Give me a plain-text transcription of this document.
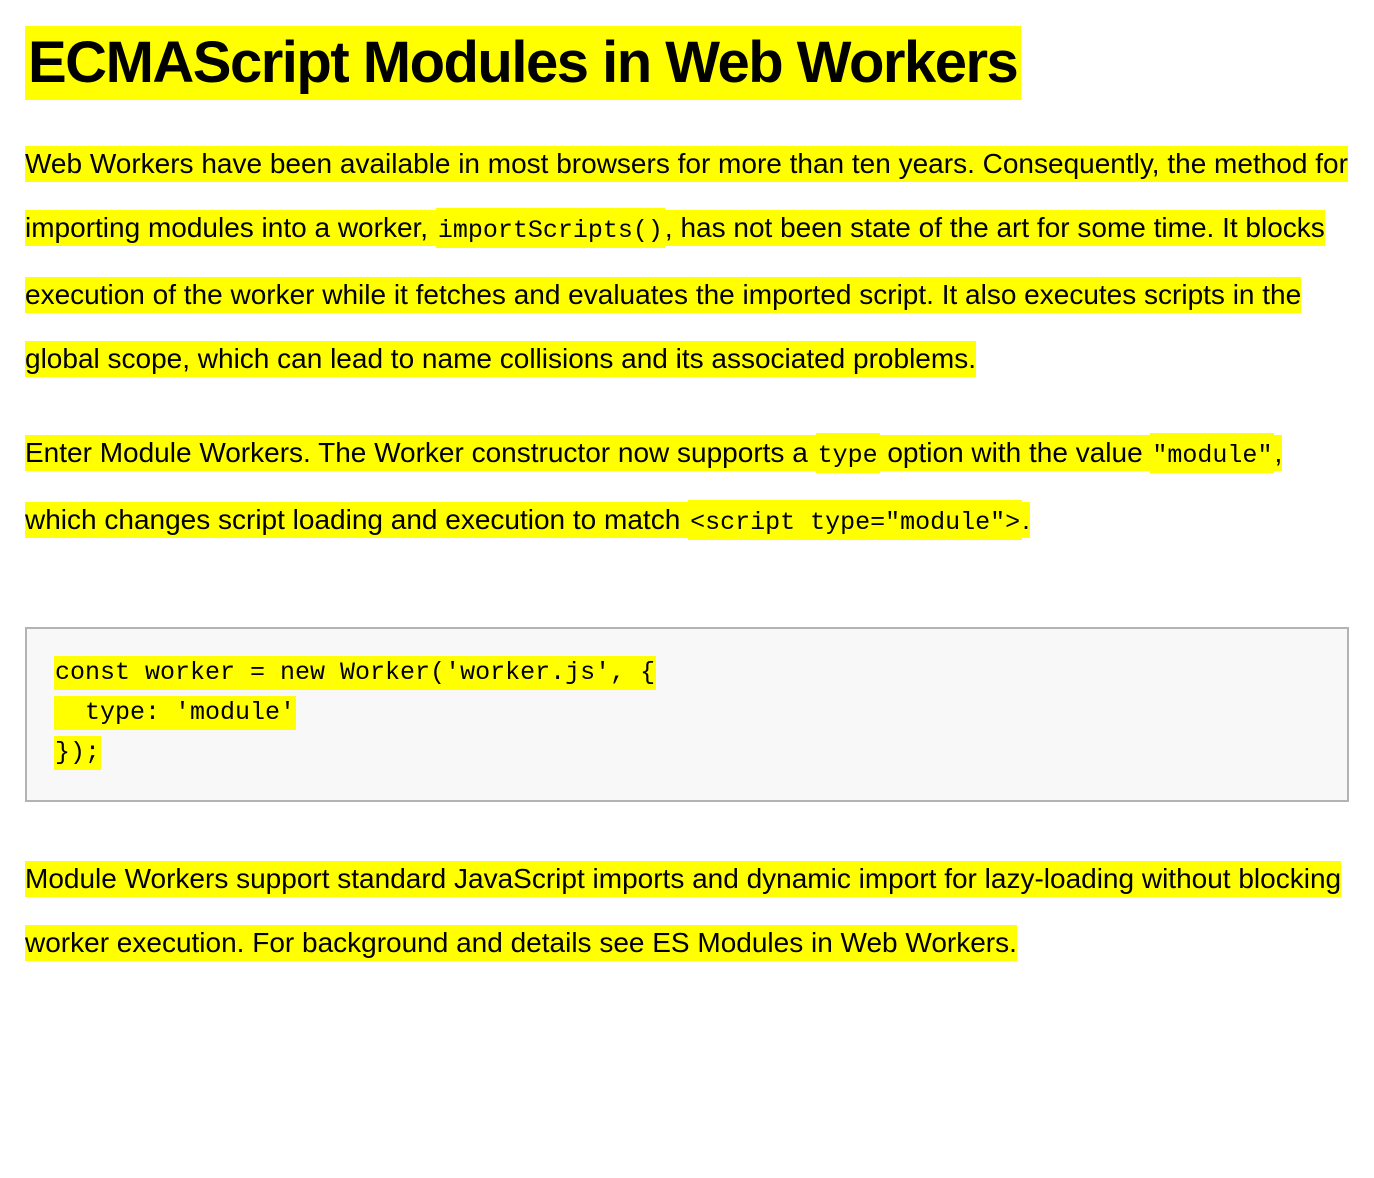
ECMAScript Modules in Web Workers

Web Workers have been available in most browsers for more than ten years. Consequently, the method for importing modules into a worker, importScripts(), has not been state of the art for some time. It blocks execution of the worker while it fetches and evaluates the imported script. It also executes scripts in the global scope, which can lead to name collisions and its associated problems.

Enter Module Workers. The Worker constructor now supports a type option with the value "module", which changes script loading and execution to match <script type="module">.

const worker = new Worker('worker.js', {
type: 'module'
});

Module Workers support standard JavaScript imports and dynamic import for lazy-loading without blocking worker execution. For background and details see ES Modules in Web Workers.
